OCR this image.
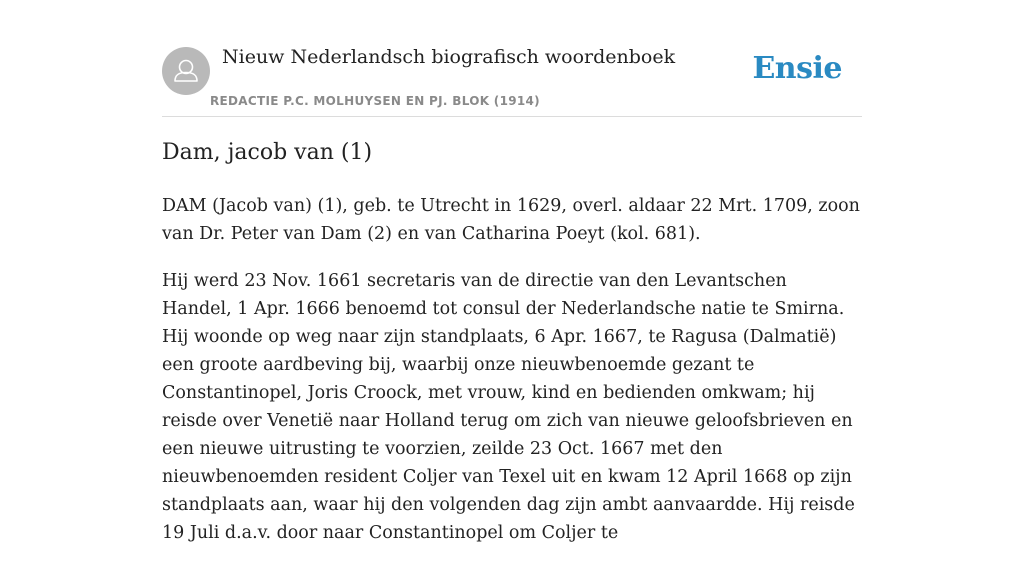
Nieuw Nederlandsch biografisch woordenboek
REDACTIE P.C. MOLHUYSEN EN PJ. BLOK (1914)
Ensie
Dam, jacob van (1)

DAM (Jacob van) (1), geb. te Utrecht in 1629, overl. aldaar 22 Mrt. 1709, zoon van Dr. Peter van Dam (2) en van Catharina Poeyt (kol. 681).

Hij werd 23 Nov. 1661 secretaris van de directie van den Levantschen Handel, 1 Apr. 1666 benoemd tot consul der Nederlandsche natie te Smirna. Hij woonde op weg naar zijn standplaats, 6 Apr. 1667, te Ragusa (Dalmatië) een groote aardbeving bij, waarbij onze nieuwbenoemde gezant te Constantinopel, Joris Croock, met vrouw, kind en bedienden omkwam; hij reisde over Venetië naar Holland terug om zich van nieuwe geloofsbrieven en een nieuwe uitrusting te voorzien, zeilde 23 Oct. 1667 met den nieuwbenoemden resident Coljer van Texel uit en kwam 12 April 1668 op zijn standplaats aan, waar hij den volgenden dag zijn ambt aanvaardde. Hij reisde 19 Juli d.a.v. door naar Constantinopel om Coljer te
